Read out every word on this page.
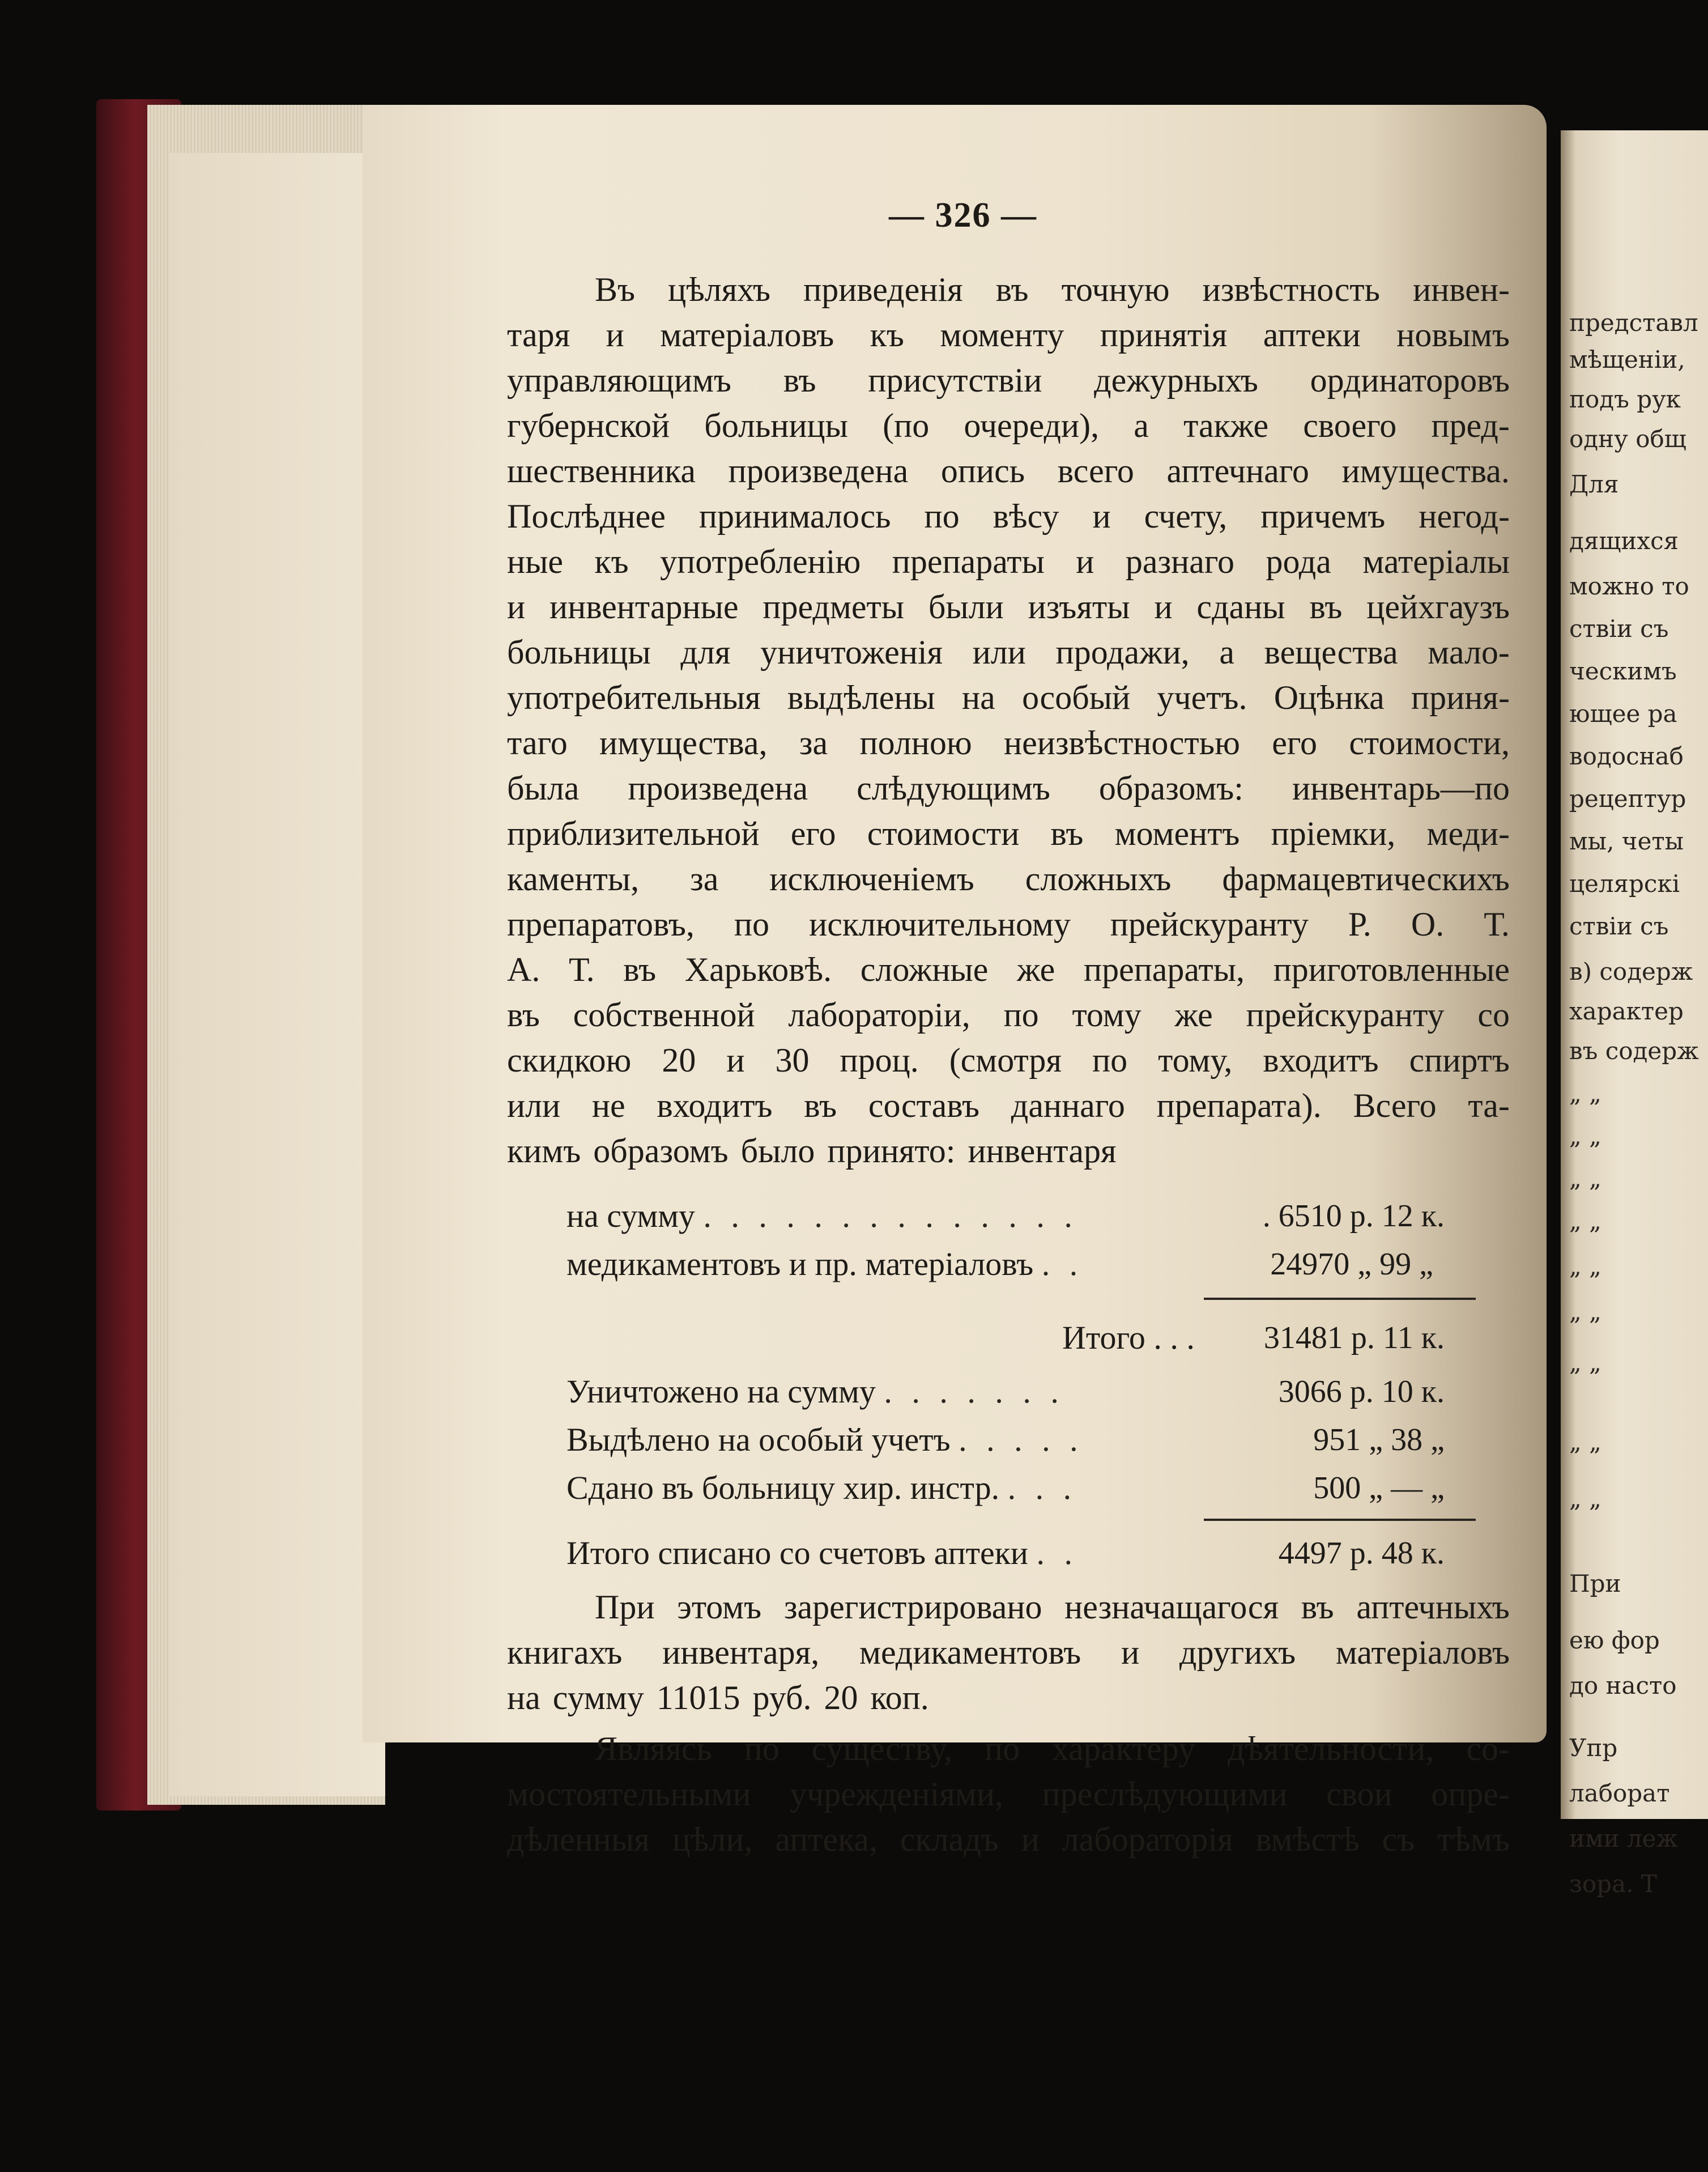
представл
мѣщеніи,
подъ рук
одну общ
Для
дящихся
можно то
ствіи съ
ческимъ
ющее ра
водоснаб
рецептур
мы, четы
целярскі
ствіи съ
в) содерж
характер
въ содерж
„ „
„ „
„ „
„ „
„ „
„ „
„ „
„ „
„ „
При
ею фор
до насто
Упр
лаборат
ими леж
зора. Т
— 326 —
Въ цѣляхъ приведенія въ точную извѣстность инвен-
таря и матеріаловъ къ моменту принятія аптеки новымъ
управляющимъ въ присутствіи дежурныхъ ординаторовъ
губернской больницы (по очереди), а также своего пред-
шественника произведена опись всего аптечнаго имущества.
Послѣднее принималось по вѣсу и счету, причемъ негод-
ные къ употребленію препараты и разнаго рода матеріалы
и инвентарные предметы были изъяты и сданы въ цейхгаузъ
больницы для уничтоженія или продажи, а вещества мало-
употребительныя выдѣлены на особый учетъ. Оцѣнка приня-
таго имущества, за полною неизвѣстностью его стоимости,
была произведена слѣдующимъ образомъ: инвентарь—по
приблизительной его стоимости въ моментъ пріемки, меди-
каменты, за исключеніемъ сложныхъ фармацевтическихъ
препаратовъ, по исключительному прейскуранту Р. О. Т.
А. Т. въ Харьковѣ. сложные же препараты, приготовленные
въ собственной лабораторіи, по тому же прейскуранту со
скидкою 20 и 30 проц. (смотря по тому, входитъ спиртъ
или не входитъ въ составъ даннаго препарата). Всего та-
кимъ образомъ было принято: инвентаря
При этомъ зарегистрировано незначащагося въ аптечныхъ
книгахъ инвентаря, медикаментовъ и другихъ матеріаловъ
на сумму 11015 руб. 20 коп.
Являясь по существу, по характеру дѣятельности, со-
мостоятельными учрежденіями, преслѣдующими свои опре-
дѣленныя цѣли, аптека, складъ и лабораторія вмѣстѣ съ тѣмъ
на сумму . . . . . . . . . . . . . .	. 6510 р. 12 к.
медикаментовъ и пр. матеріаловъ . .	24970 „ 99 „
Итого . . .	31481 р. 11 к.
Уничтожено на сумму . . . . . . .	3066 р. 10 к.
Выдѣлено на особый учетъ . . . . .	951 „ 38 „
Сдано въ больницу хир. инстр. . . .	500 „ — „
Итого списано со счетовъ аптеки . .	4497 р. 48 к.
